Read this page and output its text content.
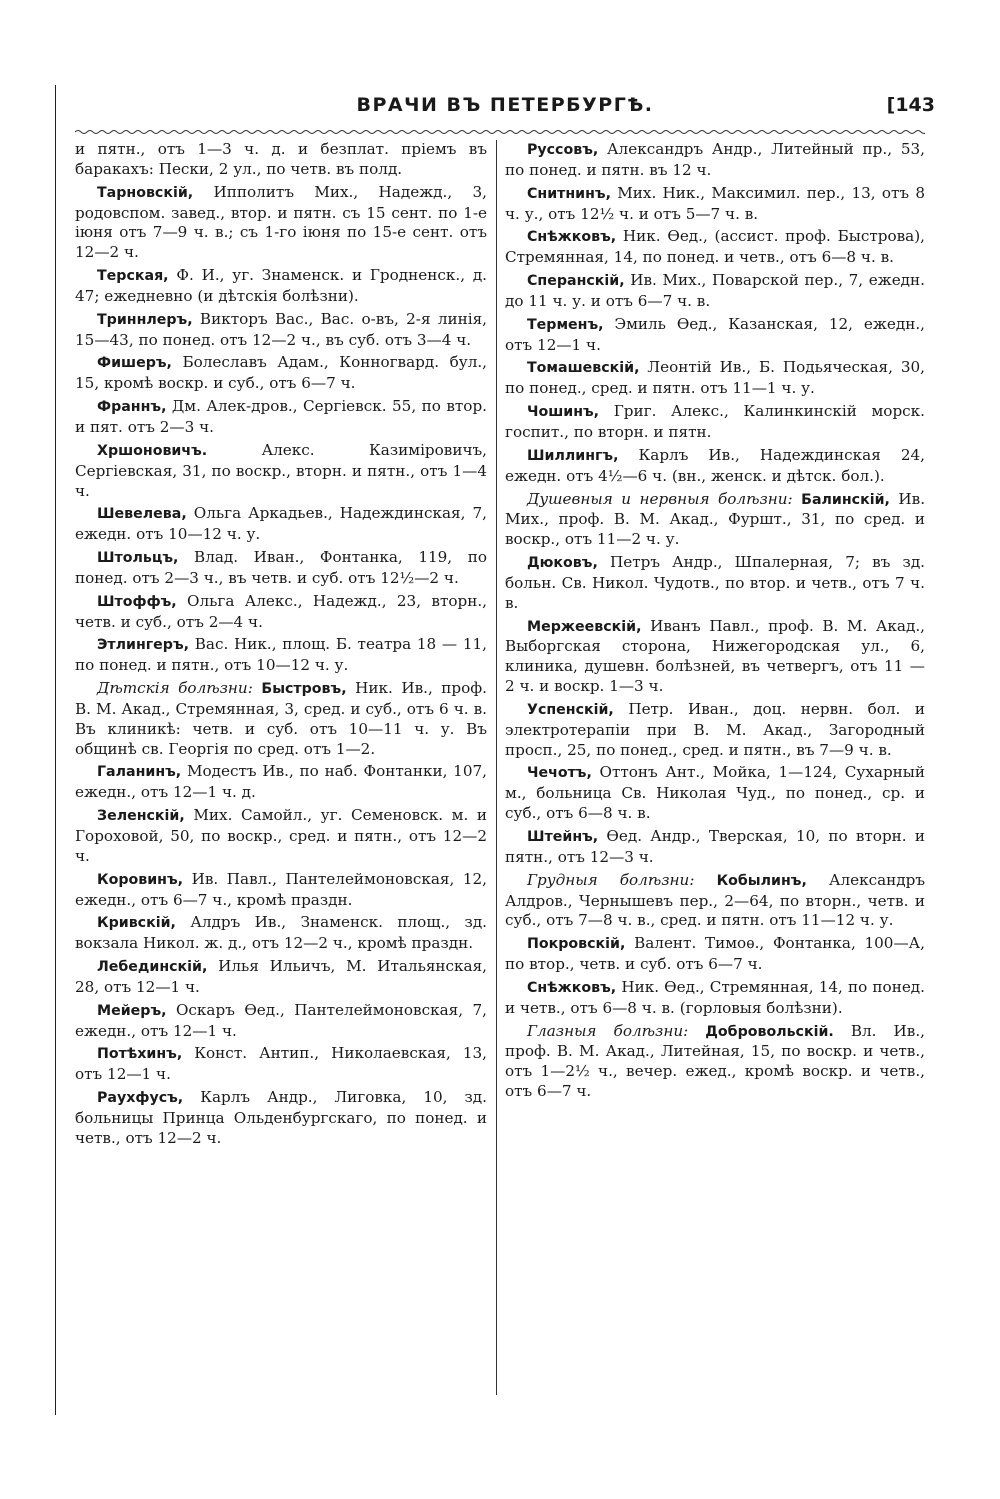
ВРАЧИ ВЪ ПЕТЕРБУРГѢ.	[143

и пятн., отъ 1—3 ч. д. и безплат. пріемъ въ баракахъ: Пески, 2 ул., по четв. въ полд.

Тарновскій, Ипполитъ Мих., Надежд., 3, родовспом. завед., втор. и пятн. съ 15 сент. по 1-е іюня отъ 7—9 ч. в.; съ 1-го іюня по 15-е сент. отъ 12—2 ч.

Терская, Ф. И., уг. Знаменск. и Гродненск., д. 47; ежедневно (и дѣтскія болѣзни).

Триннлеръ, Викторъ Вас., Вас. о-въ, 2-я линія, 15—43, по понед. отъ 12—2 ч., въ суб. отъ 3—4 ч.

Фишеръ, Болеславъ Адам., Конногвард. бул., 15, кромѣ воскр. и суб., отъ 6—7 ч.

Франнъ, Дм. Алек-дров., Сергіевск. 55, по втор. и пят. отъ 2—3 ч.

Хршоновичъ. Алекс. Казиміровичъ, Сергіевская, 31, по воскр., вторн. и пятн., отъ 1—4 ч.

Шевелева, Ольга Аркадьев., Надеждинская, 7, ежедн. отъ 10—12 ч. у.

Штольцъ, Влад. Иван., Фонтанка, 119, по понед. отъ 2—3 ч., въ четв. и суб. отъ 12½—2 ч.

Штоффъ, Ольга Алекс., Надежд., 23, вторн., четв. и суб., отъ 2—4 ч.

Этлингеръ, Вас. Ник., площ. Б. театра 18 — 11, по понед. и пятн., отъ 10—12 ч. у.

Дѣтскія болѣзни: Быстровъ, Ник. Ив., проф. В. М. Акад., Стремянная, 3, сред. и суб., отъ 6 ч. в. Въ клиникѣ: четв. и суб. отъ 10—11 ч. у. Въ общинѣ св. Георгія по сред. отъ 1—2.

Галанинъ, Модестъ Ив., по наб. Фонтанки, 107, ежедн., отъ 12—1 ч. д.

Зеленскій, Мих. Самойл., уг. Семеновск. м. и Гороховой, 50, по воскр., сред. и пятн., отъ 12—2 ч.

Коровинъ, Ив. Павл., Пантелеймоновская, 12, ежедн., отъ 6—7 ч., кромѣ праздн.

Кривскій, Алдръ Ив., Знаменск. площ., зд. вокзала Никол. ж. д., отъ 12—2 ч., кромѣ праздн.

Лебединскій, Илья Ильичъ, М. Итальянская, 28, отъ 12—1 ч.

Мейеръ, Оскаръ Ѳед., Пантелеймоновская, 7, ежедн., отъ 12—1 ч.

Потѣхинъ, Конст. Антип., Николаевская, 13, отъ 12—1 ч.

Раухфусъ, Карлъ Андр., Лиговка, 10, зд. больницы Принца Ольденбургскаго, по понед. и четв., отъ 12—2 ч.

Руссовъ, Александръ Андр., Литейный пр., 53, по понед. и пятн. въ 12 ч.

Снитнинъ, Мих. Ник., Максимил. пер., 13, отъ 8 ч. у., отъ 12½ ч. и отъ 5—7 ч. в.

Снѣжковъ, Ник. Ѳед., (ассист. проф. Быстрова), Стремянная, 14, по понед. и четв., отъ 6—8 ч. в.

Сперанскій, Ив. Мих., Поварской пер., 7, ежедн. до 11 ч. у. и отъ 6—7 ч. в.

Терменъ, Эмиль Ѳед., Казанская, 12, ежедн., отъ 12—1 ч.

Томашевскій, Леонтій Ив., Б. Подьяческая, 30, по понед., сред. и пятн. отъ 11—1 ч. у.

Чошинъ, Григ. Алекс., Калинкинскій морск. госпит., по вторн. и пятн.

Шиллингъ, Карлъ Ив., Надеждинская 24, ежедн. отъ 4½—6 ч. (вн., женск. и дѣтск. бол.).

Душевныя и нервныя болѣзни: Балинскій, Ив. Мих., проф. В. М. Акад., Фуршт., 31, по сред. и воскр., отъ 11—2 ч. у.

Дюковъ, Петръ Андр., Шпалерная, 7; въ зд. больн. Св. Никол. Чудотв., по втор. и четв., отъ 7 ч. в.

Мержеевскій, Иванъ Павл., проф. В. М. Акад., Выборгская сторона, Нижегородская ул., 6, клиника, душевн. болѣзней, въ четвергъ, отъ 11 — 2 ч. и воскр. 1—3 ч.

Успенскій, Петр. Иван., доц. нервн. бол. и электротерапіи при В. М. Акад., Загородный просп., 25, по понед., сред. и пятн., въ 7—9 ч. в.

Чечотъ, Оттонъ Ант., Мойка, 1—124, Сухарный м., больница Св. Николая Чуд., по понед., ср. и суб., отъ 6—8 ч. в.

Штейнъ, Ѳед. Андр., Тверская, 10, по вторн. и пятн., отъ 12—3 ч.

Грудныя болѣзни: Кобылинъ, Александръ Алдров., Чернышевъ пер., 2—64, по вторн., четв. и суб., отъ 7—8 ч. в., сред. и пятн. отъ 11—12 ч. у.

Покровскій, Валент. Тимоѳ., Фонтанка, 100—А, по втор., четв. и суб. отъ 6—7 ч.

Снѣжковъ, Ник. Ѳед., Стремянная, 14, по понед. и четв., отъ 6—8 ч. в. (горловыя болѣзни).

Глазныя болѣзни: Добровольскій. Вл. Ив., проф. В. М. Акад., Литейная, 15, по воскр. и четв., отъ 1—2½ ч., вечер. ежед., кромѣ воскр. и четв., отъ 6—7 ч.
